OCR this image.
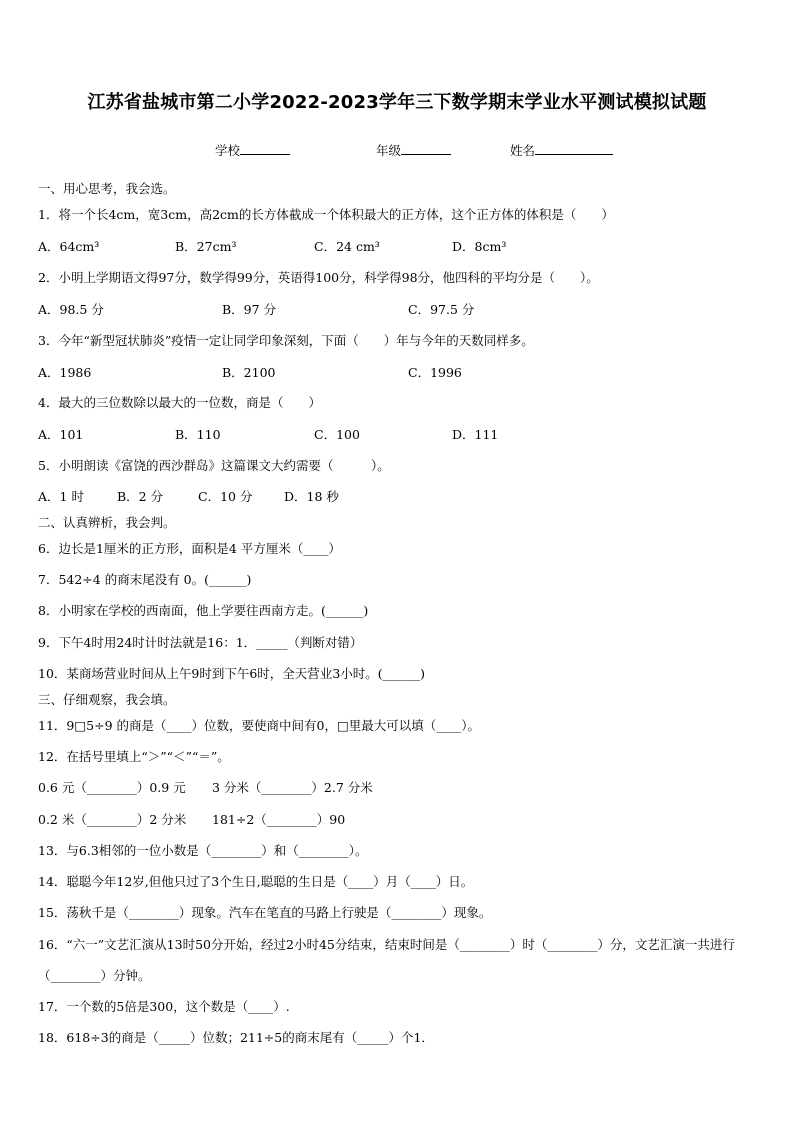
江苏省盐城市第二小学2022-2023学年三下数学期末学业水平测试模拟试题
学校	年级	姓名
一、用心思考，我会选。
1．将一个长4cm，宽3cm，高2cm的长方体截成一个体积最大的正方体，这个正方体的体积是（　　）
A．64cm³	B．27cm³	C．24 cm³	D．8cm³
2．小明上学期语文得97分，数学得99分，英语得100分，科学得98分，他四科的平均分是（　　）。
A．98.5 分	B．97 分	C．97.5 分
3．今年“新型冠状肺炎”疫情一定让同学印象深刻，下面（　　）年与今年的天数同样多。
A．1986	B．2100	C．1996
4．最大的三位数除以最大的一位数，商是（　　）
A．101	B．110	C．100	D．111
5．小明朗读《富饶的西沙群岛》这篇课文大约需要（　　　）。
A．1 时	B．2 分	C．10 分	D．18 秒
二、认真辨析，我会判。
6．边长是1厘米的正方形，面积是4 平方厘米（____）
7．542÷4 的商末尾没有 0。(______)
8．小明家在学校的西南面，他上学要往西南方走。(______)
9．下午4时用24时计时法就是16：1．_____（判断对错）
10．某商场营业时间从上午9时到下午6时，全天营业3小时。(______)
三、仔细观察，我会填。
11．9□5÷9 的商是（____）位数，要使商中间有0，□里最大可以填（____）。
12．在括号里填上“＞”“＜”“＝”。
0.6 元（________）0.9 元 3 分米（________）2.7 分米
0.2 米（________）2 分米 181÷2（________）90
13．与6.3相邻的一位小数是（________）和（________）。
14．聪聪今年12岁,但他只过了3个生日,聪聪的生日是（____）月（____）日。
15．荡秋千是（________）现象。汽车在笔直的马路上行驶是（________）现象。
16．“六一”文艺汇演从13时50分开始，经过2小时45分结束，结束时间是（________）时（________）分，文艺汇演一共进行（________）分钟。
17．一个数的5倍是300，这个数是（____）.
18．618÷3的商是（_____）位数；211÷5的商末尾有（_____）个1．
